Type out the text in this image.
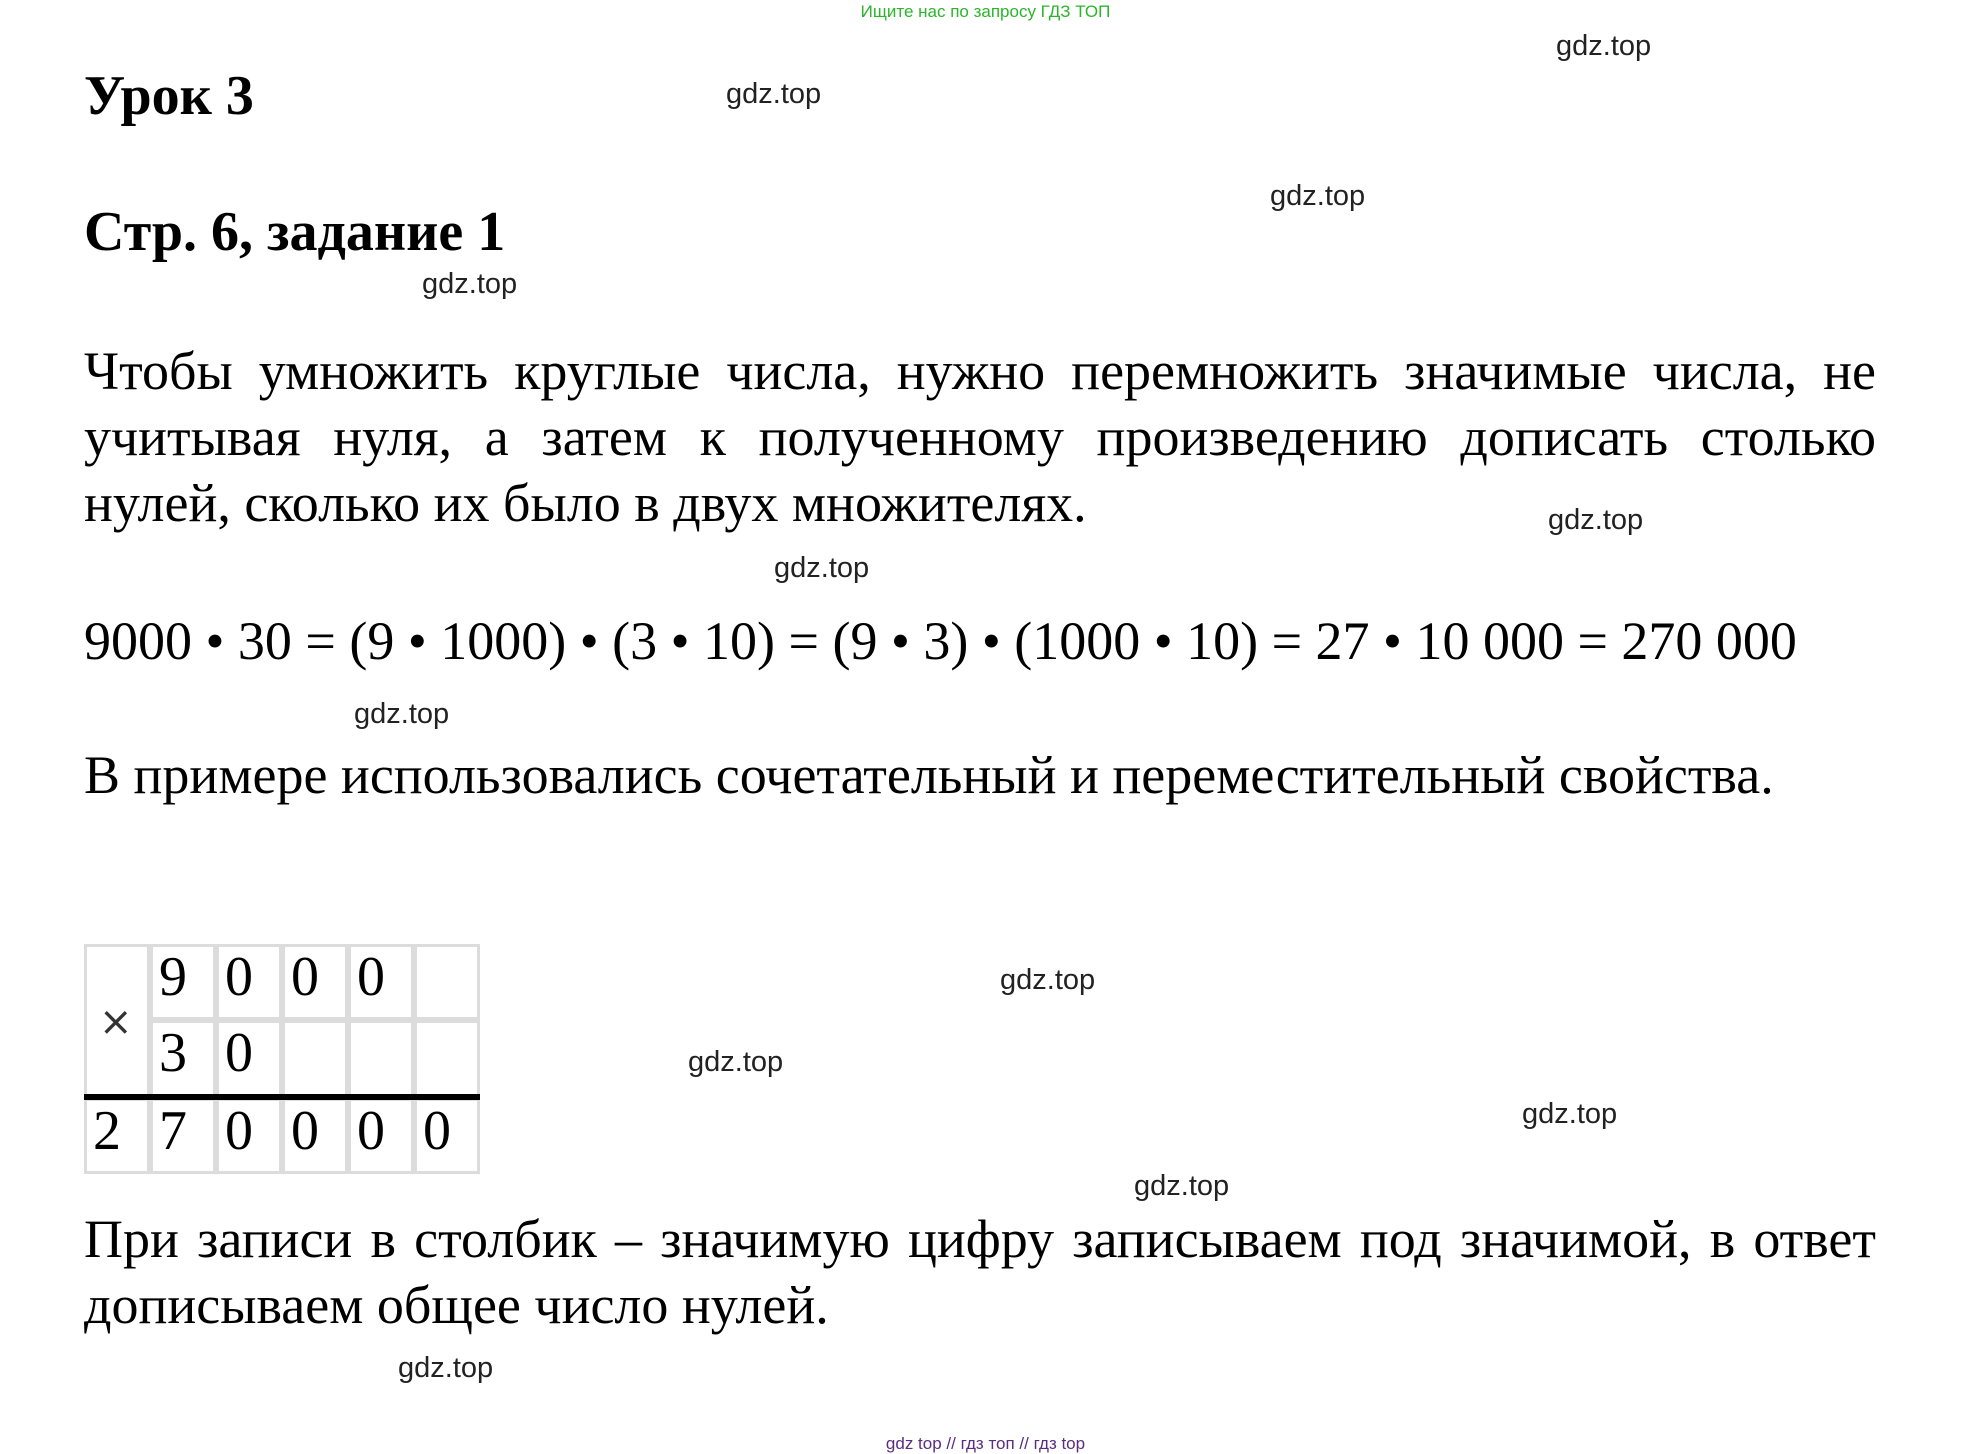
Ищите нас по запросу ГДЗ ТОП
Урок 3
Стр. 6, задание 1
Чтобы умножить круглые числа, нужно перемножить значимые числа, не учитывая нуля, а затем к полученному произведению дописать столько нулей, сколько их было в двух множителях.
9000 • 30 = (9 • 1000) • (3 • 10) = (9 • 3) • (1000 • 10) = 27 • 10 000 = 270 000
В примере использовались сочетательный и переместительный свойства.
×
9 0 0 0
3 0
2 7 0 0 0 0
При записи в столбик – значимую цифру записываем под значимой, в ответ дописываем общее число нулей.
gdz.top
gdz.top
gdz.top
gdz.top
gdz.top
gdz.top
gdz.top
gdz.top
gdz.top
gdz.top
gdz.top
gdz.top
gdz top // гдз топ // гдз top
